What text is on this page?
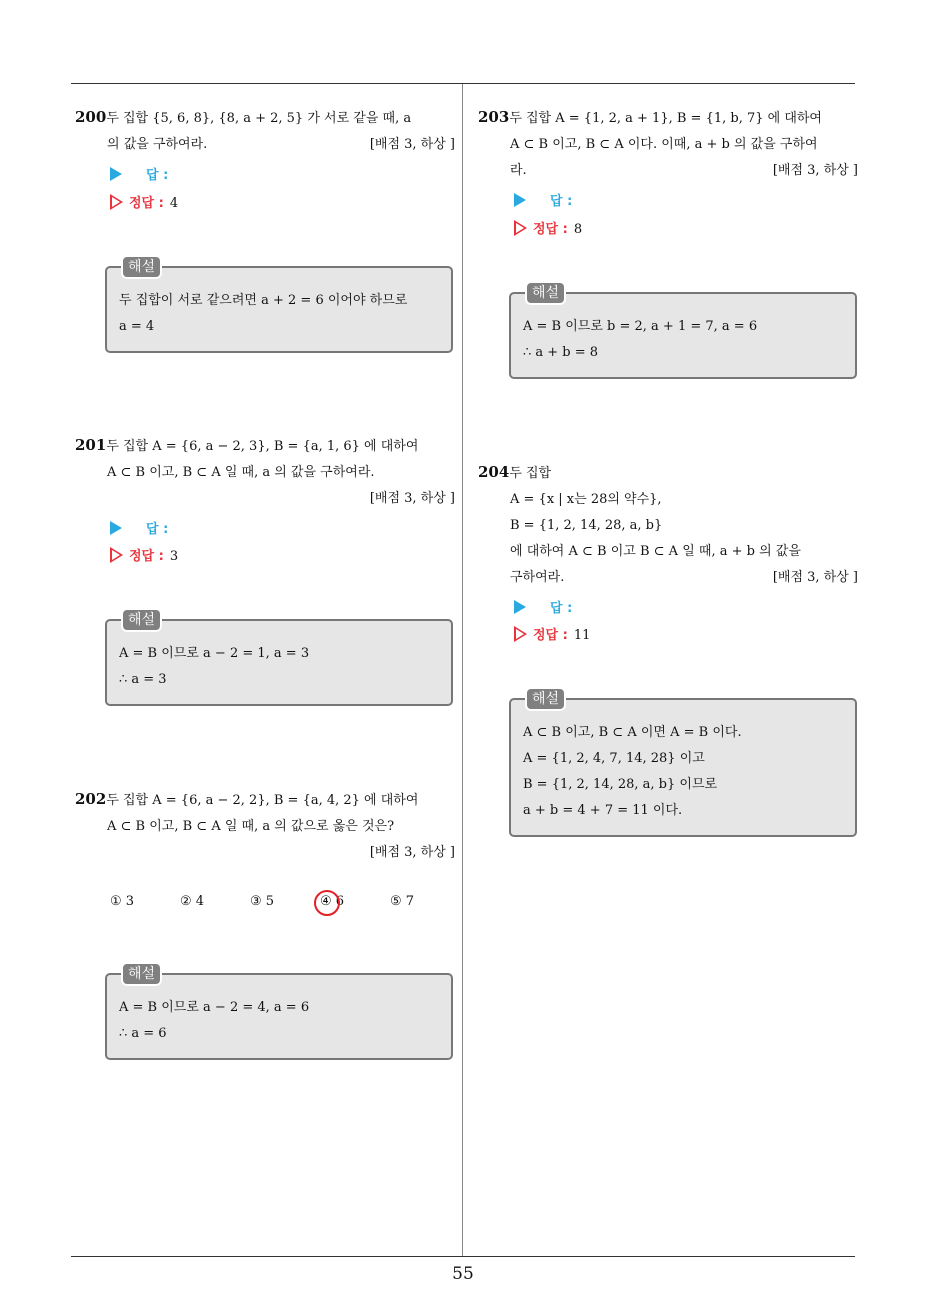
55
200두 집합 {5, 6, 8}, {8, a + 2, 5} 가 서로 같을 때, a
의 값을 구하여라.	[배점 3, 하상 ]
답 :
정답 : 4
해설
두 집합이 서로 같으려면 a + 2 = 6 이어야 하므로
a = 4
201두 집합 A = {6, a − 2, 3}, B = {a, 1, 6} 에 대하여
A ⊂ B 이고, B ⊂ A 일 때, a 의 값을 구하여라.
[배점 3, 하상 ]
답 :
정답 : 3
해설
A = B 이므로 a − 2 = 1, a = 3
∴ a = 3
202두 집합 A = {6, a − 2, 2}, B = {a, 4, 2} 에 대하여
A ⊂ B 이고, B ⊂ A 일 때, a 의 값으로 옳은 것은?
[배점 3, 하상 ]
① 3	② 4	③ 5	④ 6	⑤ 7
해설
A = B 이므로 a − 2 = 4, a = 6
∴ a = 6
203두 집합 A = {1, 2, a + 1}, B = {1, b, 7} 에 대하여
A ⊂ B 이고, B ⊂ A 이다. 이때, a + b 의 값을 구하여
라.	[배점 3, 하상 ]
답 :
정답 : 8
해설
A = B 이므로 b = 2, a + 1 = 7, a = 6
∴ a + b = 8
204두 집합
A = {x | x는 28의 약수},
B = {1, 2, 14, 28, a, b}
에 대하여 A ⊂ B 이고 B ⊂ A 일 때, a + b 의 값을
구하여라.	[배점 3, 하상 ]
답 :
정답 : 11
해설
A ⊂ B 이고, B ⊂ A 이면 A = B 이다.
A = {1, 2, 4, 7, 14, 28} 이고
B = {1, 2, 14, 28, a, b} 이므로
a + b = 4 + 7 = 11 이다.
